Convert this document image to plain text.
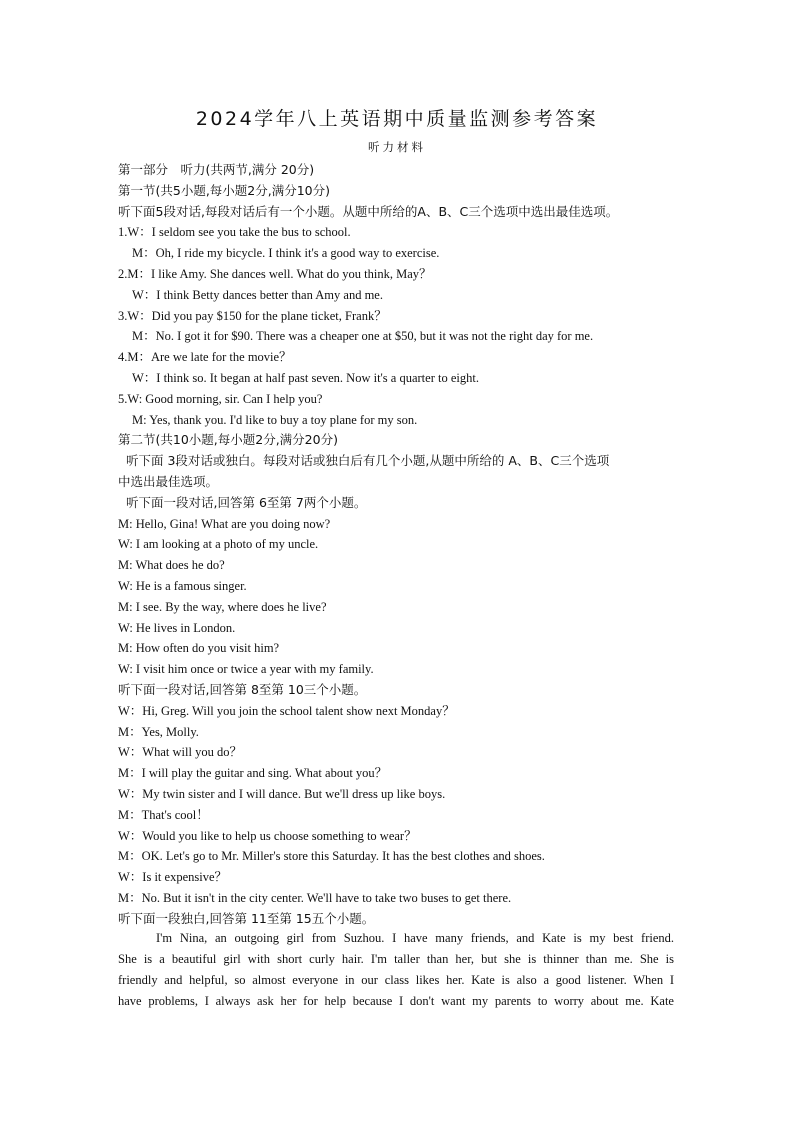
2024学年八上英语期中质量监测参考答案
听力材料
第一部分　听力(共两节,满分 20分)
第一节(共5小题,每小题2分,满分10分)
听下面5段对话,每段对话后有一个小题。从题中所给的A、B、C三个选项中选出最佳选项。
1.W：I seldom see you take the bus to school.
M：Oh, I ride my bicycle. I think it's a good way to exercise.
2.M：I like Amy. She dances well. What do you think, May？
W：I think Betty dances better than Amy and me.
3.W：Did you pay $150 for the plane ticket, Frank？
M：No. I got it for $90. There was a cheaper one at $50, but it was not the right day for me.
4.M：Are we late for the movie？
W：I think so. It began at half past seven. Now it's a quarter to eight.
5.W: Good morning, sir. Can I help you?
M: Yes, thank you. I'd like to buy a toy plane for my son.
第二节(共10小题,每小题2分,满分20分)
听下面 3段对话或独白。每段对话或独白后有几个小题,从题中所给的 A、B、C三个选项
中选出最佳选项。
听下面一段对话,回答第 6至第 7两个小题。
M: Hello, Gina! What are you doing now?
W: I am looking at a photo of my uncle.
M: What does he do?
W: He is a famous singer.
M: I see. By the way, where does he live?
W: He lives in London.
M: How often do you visit him?
W: I visit him once or twice a year with my family.
听下面一段对话,回答第 8至第 10三个小题。
W：Hi, Greg. Will you join the school talent show next Monday？
M：Yes, Molly.
W：What will you do？
M：I will play the guitar and sing. What about you？
W：My twin sister and I will dance. But we'll dress up like boys.
M：That's cool！
W：Would you like to help us choose something to wear？
M：OK. Let's go to Mr. Miller's store this Saturday. It has the best clothes and shoes.
W：Is it expensive？
M：No. But it isn't in the city center. We'll have to take two buses to get there.
听下面一段独白,回答第 11至第 15五个小题。
I'm Nina, an outgoing girl from Suzhou. I have many friends, and Kate is my best friend.
She is a beautiful girl with short curly hair. I'm taller than her, but she is thinner than me. She is
friendly and helpful, so almost everyone in our class likes her. Kate is also a good listener. When I
have problems, I always ask her for help because I don't want my parents to worry about me. Kate
